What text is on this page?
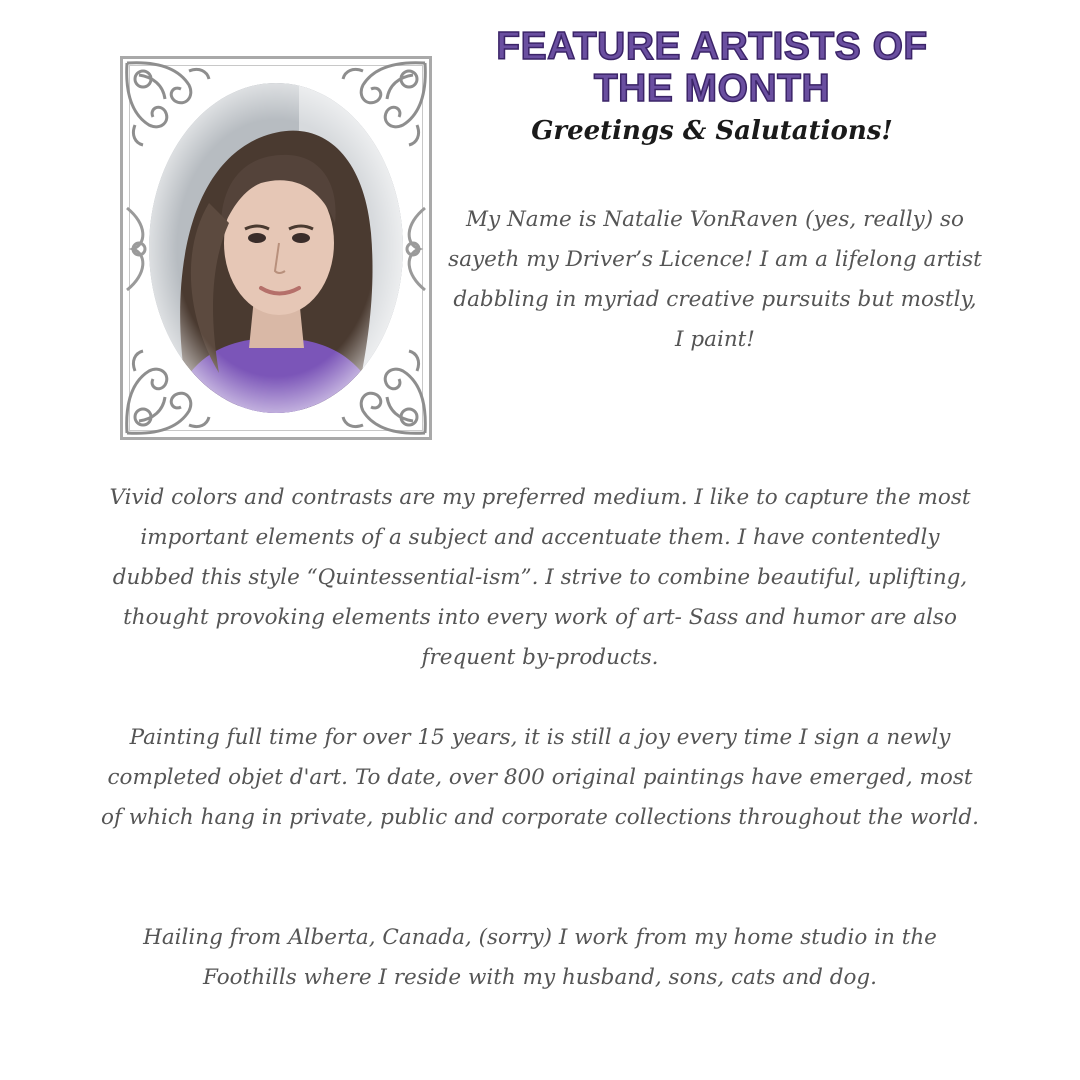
FEATURE ARTISTS OF THE MONTH
Greetings & Salutations!

My Name is Natalie VonRaven (yes, really) so sayeth my Driver’s Licence! I am a lifelong artist dabbling in myriad creative pursuits but mostly, I paint!

Vivid colors and contrasts are my preferred medium. I like to capture the most important elements of a subject and accentuate them. I have contentedly dubbed this style “Quintessential-ism”. I strive to combine beautiful, uplifting, thought provoking elements into every work of art- Sass and humor are also frequent by-products.

Painting full time for over 15 years, it is still a joy every time I sign a newly completed objet d'art. To date, over 800 original paintings have emerged, most of which hang in private, public and corporate collections throughout the world.

Hailing from Alberta, Canada, (sorry) I work from my home studio in the Foothills where I reside with my husband, sons, cats and dog.
